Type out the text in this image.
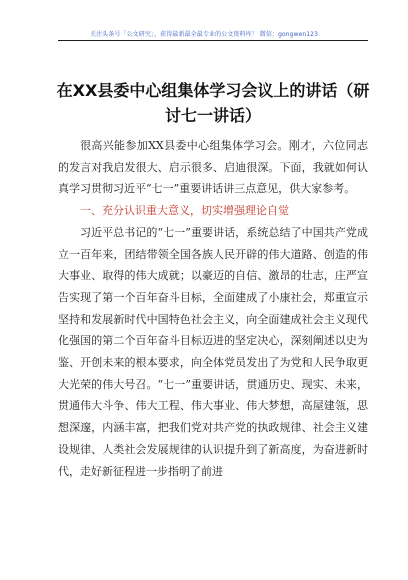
关注头条号「公文研究」，获得最新最全最专业的公文资料库！ 微信：gongwen123
在XX县委中心组集体学习会议上的讲话（研讨七一讲话）

很高兴能参加XX县委中心组集体学习会。刚才，六位同志的发言对我启发很大、启示很多、启迪很深。下面，我就如何认真学习贯彻习近平“七一”重要讲话讲三点意见，供大家参考。

一、充分认识重大意义，切实增强理论自觉

习近平总书记的“七一”重要讲话，系统总结了中国共产党成立一百年来，团结带领全国各族人民开辟的伟大道路、创造的伟大事业、取得的伟大成就；以豪迈的自信、激昂的壮志，庄严宣告实现了第一个百年奋斗目标，全面建成了小康社会，郑重宣示坚持和发展新时代中国特色社会主义，向全面建成社会主义现代化强国的第二个百年奋斗目标迈进的坚定决心，深刻阐述以史为鉴、开创未来的根本要求，向全体党员发出了为党和人民争取更大光荣的伟大号召。“七一”重要讲话，贯通历史、现实、未来，贯通伟大斗争、伟大工程、伟大事业、伟大梦想，高屋建瓴，思想深邃，内涵丰富，把我们党对共产党的执政规律、社会主义建设规律、人类社会发展规律的认识提升到了新高度，为奋进新时代，走好新征程进一步指明了前进
